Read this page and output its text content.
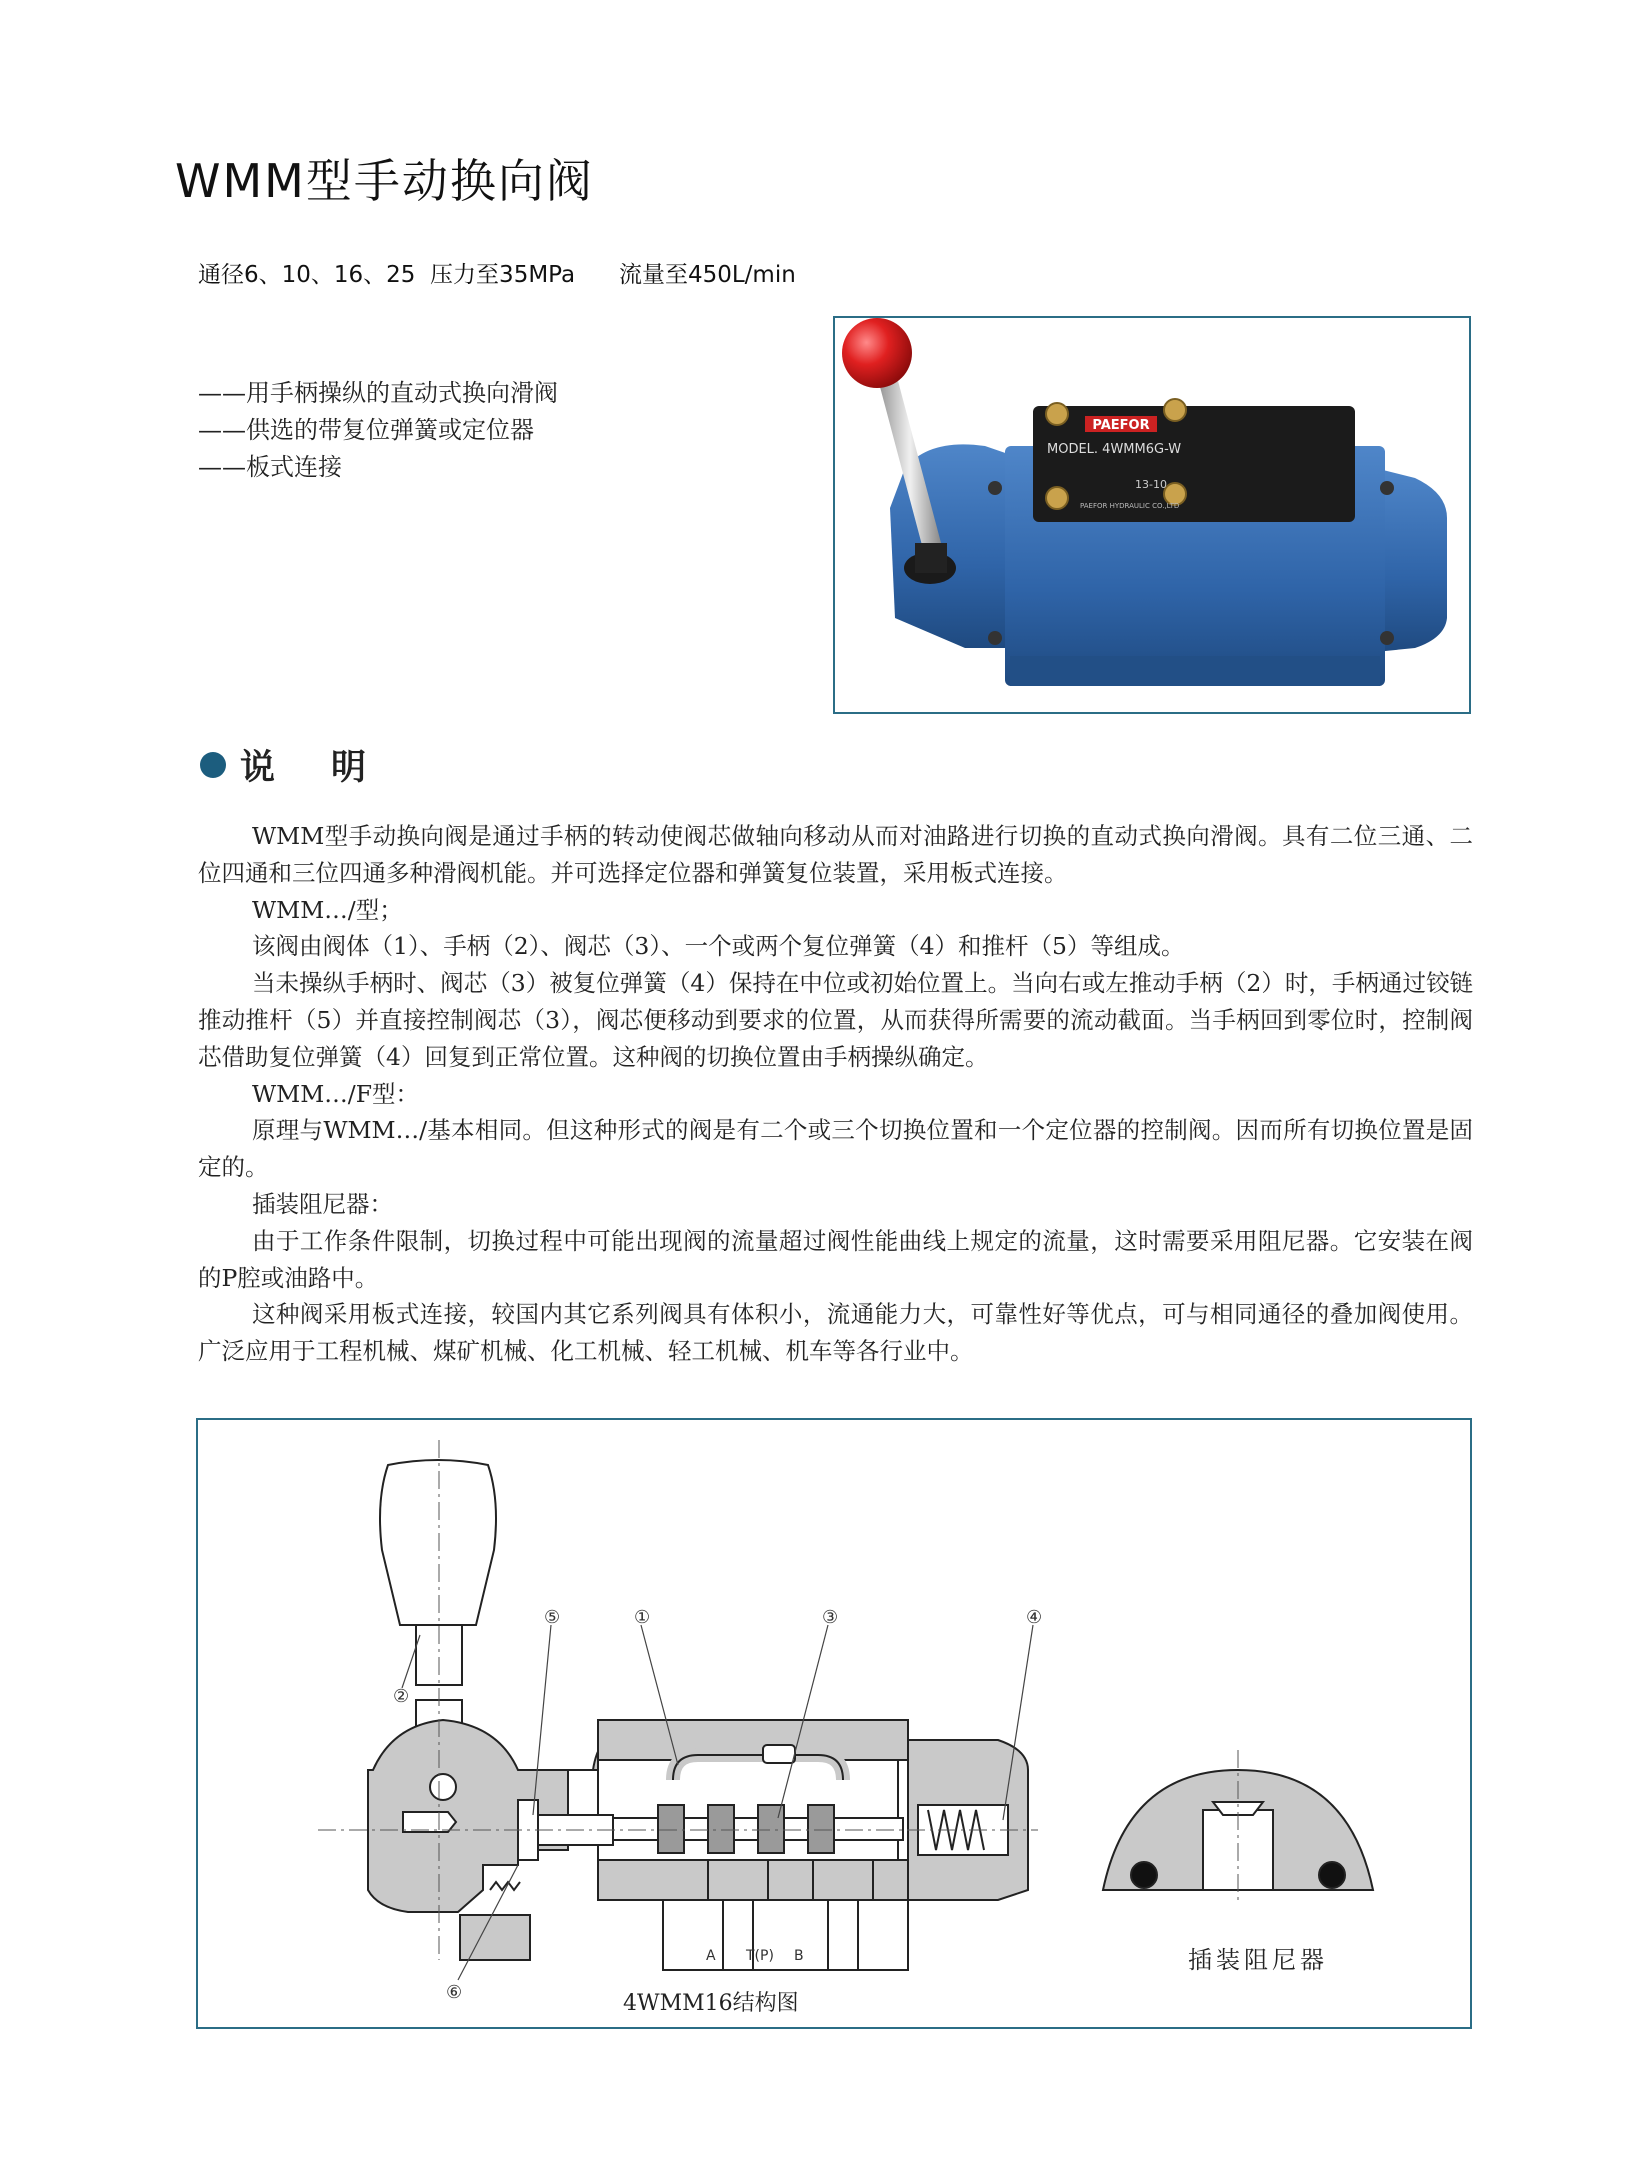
WMM型手动换向阀
通径6、10、16、25  压力至35MPa      流量至450L/min
——用手柄操纵的直动式换向滑阀
——供选的带复位弹簧或定位器
——板式连接
PAEFOR
MODEL. 4WMM6G-W
13-10
PAEFOR HYDRAULIC CO.,LTD
说明

WMM型手动换向阀是通过手柄的转动使阀芯做轴向移动从而对油路进行切换的直动式换向滑阀。具有二位三通、二位四通和三位四通多种滑阀机能。并可选择定位器和弹簧复位装置，采用板式连接。

WMM…/型；

该阀由阀体（1）、手柄（2）、阀芯（3）、一个或两个复位弹簧（4）和推杆（5）等组成。

当未操纵手柄时、阀芯（3）被复位弹簧（4）保持在中位或初始位置上。当向右或左推动手柄（2）时，手柄通过铰链推动推杆（5）并直接控制阀芯（3），阀芯便移动到要求的位置，从而获得所需要的流动截面。当手柄回到零位时，控制阀芯借助复位弹簧（4）回复到正常位置。这种阀的切换位置由手柄操纵确定。

WMM…/F型：

原理与WMM…/基本相同。但这种形式的阀是有二个或三个切换位置和一个定位器的控制阀。因而所有切换位置是固定的。

插装阻尼器：

由于工作条件限制，切换过程中可能出现阀的流量超过阀性能曲线上规定的流量，这时需要采用阻尼器。它安装在阀的P腔或油路中。

这种阀采用板式连接，较国内其它系列阀具有体积小，流通能力大，可靠性好等优点，可与相同通径的叠加阀使用。广泛应用于工程机械、煤矿机械、化工机械、轻工机械、机车等各行业中。

②
⑤	①	③	④
⑥
A T(P) B
4WMM16结构图
插装阻尼器
